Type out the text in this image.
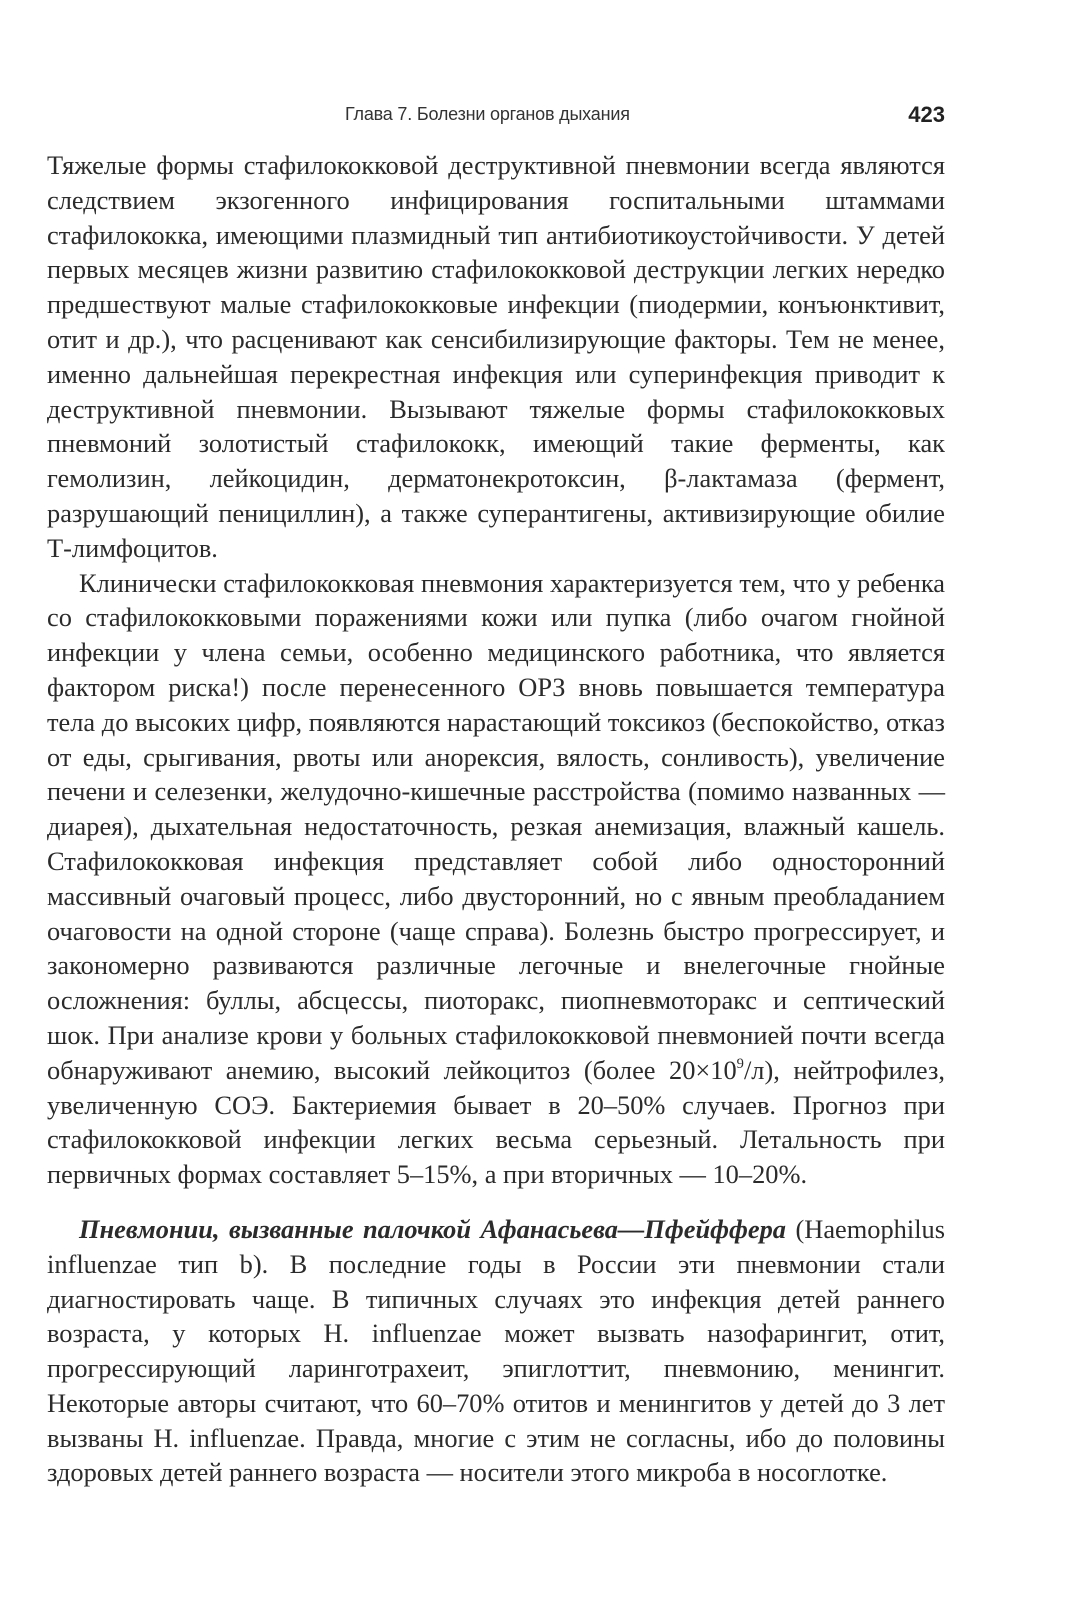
Глава 7. Болезни органов дыхания	423

Тяжелые формы стафилококковой деструктивной пневмонии всегда являются следствием экзогенного инфицирования госпитальными штаммами стафилококка, имеющими плазмидный тип антибиотикоустойчивости. У детей первых месяцев жизни развитию стафилококковой деструкции легких нередко предшествуют малые стафилококковые инфекции (пиодермии, конъюнктивит, отит и др.), что расценивают как сенсибилизирующие факторы. Тем не менее, именно дальнейшая перекрестная инфекция или суперинфекция приводит к деструктивной пневмонии. Вызывают тяжелые формы стафилококковых пневмоний золотистый стафилококк, имеющий такие ферменты, как гемолизин, лейкоцидин, дерматонекротоксин, β-лактамаза (фермент, разрушающий пенициллин), а также суперантигены, активизирующие обилие Т-лимфоцитов.

Клинически стафилококковая пневмония характеризуется тем, что у ребенка со стафилококковыми поражениями кожи или пупка (либо очагом гнойной инфекции у члена семьи, особенно медицинского работника, что является фактором риска!) после перенесенного ОРЗ вновь повышается температура тела до высоких цифр, появляются нарастающий токсикоз (беспокойство, отказ от еды, срыгивания, рвоты или анорексия, вялость, сонливость), увеличение печени и селезенки, желудочно-кишечные расстройства (помимо названных — диарея), дыхательная недостаточность, резкая анемизация, влажный кашель. Стафилококковая инфекция представляет собой либо односторонний массивный очаговый процесс, либо двусторонний, но с явным преобладанием очаговости на одной стороне (чаще справа). Болезнь быстро прогрессирует, и закономерно развиваются различные легочные и внелегочные гнойные осложнения: буллы, абсцессы, пиоторакс, пиопневмоторакс и септический шок. При анализе крови у больных стафилококковой пневмонией почти всегда обнаруживают анемию, высокий лейкоцитоз (более $20\times 10^9/л$), нейтрофилез, увеличенную СОЭ. Бактериемия бывает в 20–50% случаев. Прогноз при стафилококковой инфекции легких весьма серьезный. Летальность при первичных формах составляет 5–15%, а при вторичных — 10–20%.

Пневмонии, вызванные палочкой Афанасьева—Пфейффера (Haemophilus influenzae тип b). В последние годы в России эти пневмонии стали диагностировать чаще. В типичных случаях это инфекция детей раннего возраста, у которых H. influenzae может вызвать назофарингит, отит, прогрессирующий ларинготрахеит, эпиглоттит, пневмонию, менингит. Некоторые авторы считают, что 60–70% отитов и менингитов у детей до 3 лет вызваны H. influenzae. Правда, многие с этим не согласны, ибо до половины здоровых детей раннего возраста — носители этого микроба в носоглотке.
